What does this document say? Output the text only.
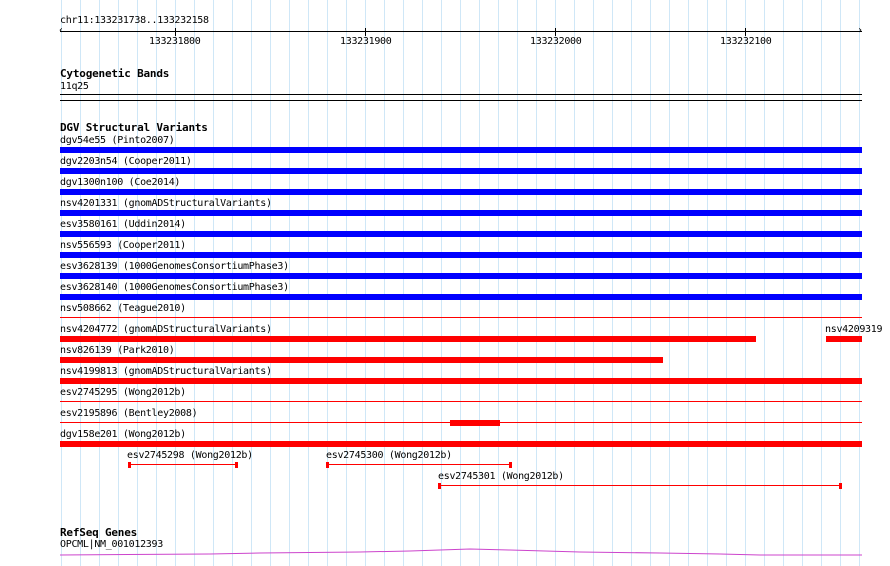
chr11:133231738..133232158
‹	›
133231800	133231900	133232000	133232100
Cytogenetic Bands
11q25
DGV Structural Variants
dgv54e55 (Pinto2007)
dgv2203n54 (Cooper2011)
dgv1300n100 (Coe2014)
nsv4201331 (gnomADStructuralVariants)
esv3580161 (Uddin2014)
nsv556593 (Cooper2011)
esv3628139 (1000GenomesConsortiumPhase3)
esv3628140 (1000GenomesConsortiumPhase3)
nsv508662 (Teague2010)
nsv4204772 (gnomADStructuralVariants)	nsv4209319
nsv826139 (Park2010)
nsv4199813 (gnomADStructuralVariants)
esv2745295 (Wong2012b)
esv2195896 (Bentley2008)
dgv158e201 (Wong2012b)
esv2745298 (Wong2012b)	esv2745300 (Wong2012b)
esv2745301 (Wong2012b)
RefSeq Genes
OPCML|NM_001012393
